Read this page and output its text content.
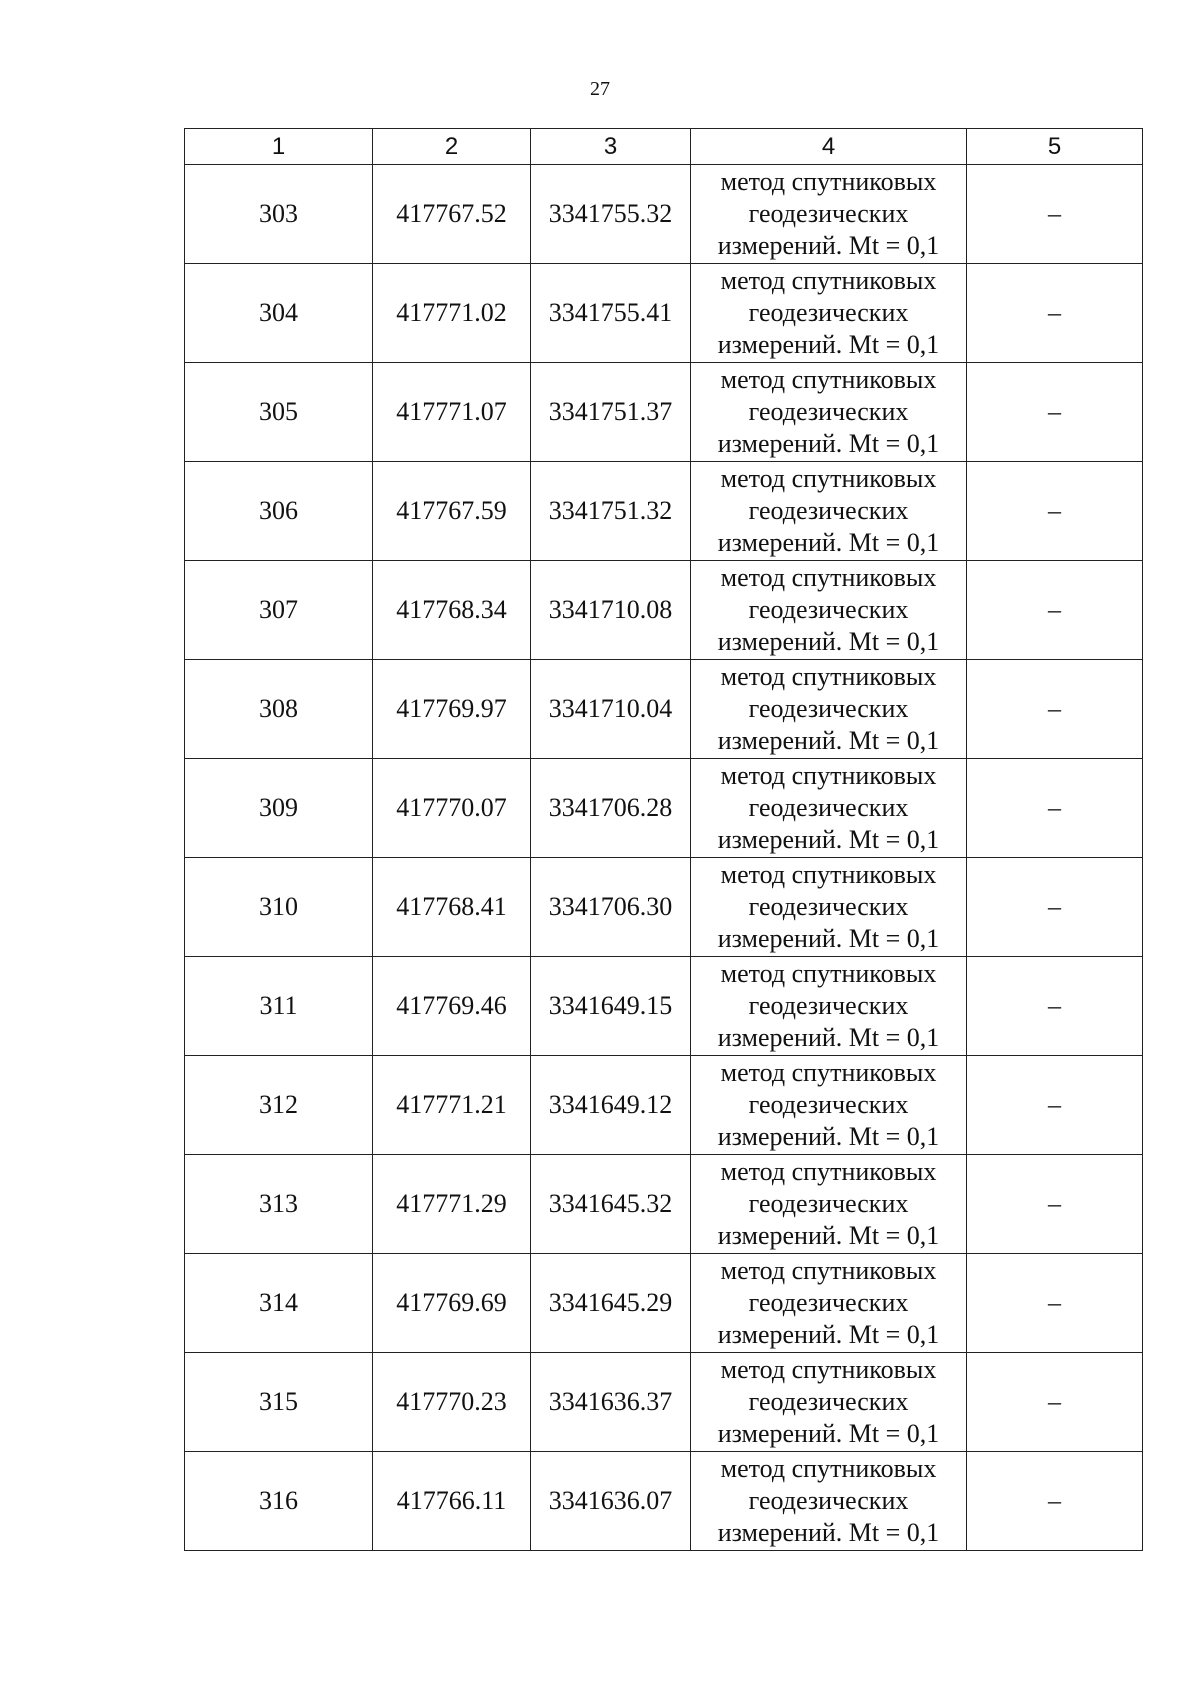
27
1	2	3	4	5
303	417767.52	3341755.32	метод спутниковых
геодезических
измерений. Mt = 0,1	–
304	417771.02	3341755.41	метод спутниковых
геодезических
измерений. Mt = 0,1	–
305	417771.07	3341751.37	метод спутниковых
геодезических
измерений. Mt = 0,1	–
306	417767.59	3341751.32	метод спутниковых
геодезических
измерений. Mt = 0,1	–
307	417768.34	3341710.08	метод спутниковых
геодезических
измерений. Mt = 0,1	–
308	417769.97	3341710.04	метод спутниковых
геодезических
измерений. Mt = 0,1	–
309	417770.07	3341706.28	метод спутниковых
геодезических
измерений. Mt = 0,1	–
310	417768.41	3341706.30	метод спутниковых
геодезических
измерений. Mt = 0,1	–
311	417769.46	3341649.15	метод спутниковых
геодезических
измерений. Mt = 0,1	–
312	417771.21	3341649.12	метод спутниковых
геодезических
измерений. Mt = 0,1	–
313	417771.29	3341645.32	метод спутниковых
геодезических
измерений. Mt = 0,1	–
314	417769.69	3341645.29	метод спутниковых
геодезических
измерений. Mt = 0,1	–
315	417770.23	3341636.37	метод спутниковых
геодезических
измерений. Mt = 0,1	–
316	417766.11	3341636.07	метод спутниковых
геодезических
измерений. Mt = 0,1	–
